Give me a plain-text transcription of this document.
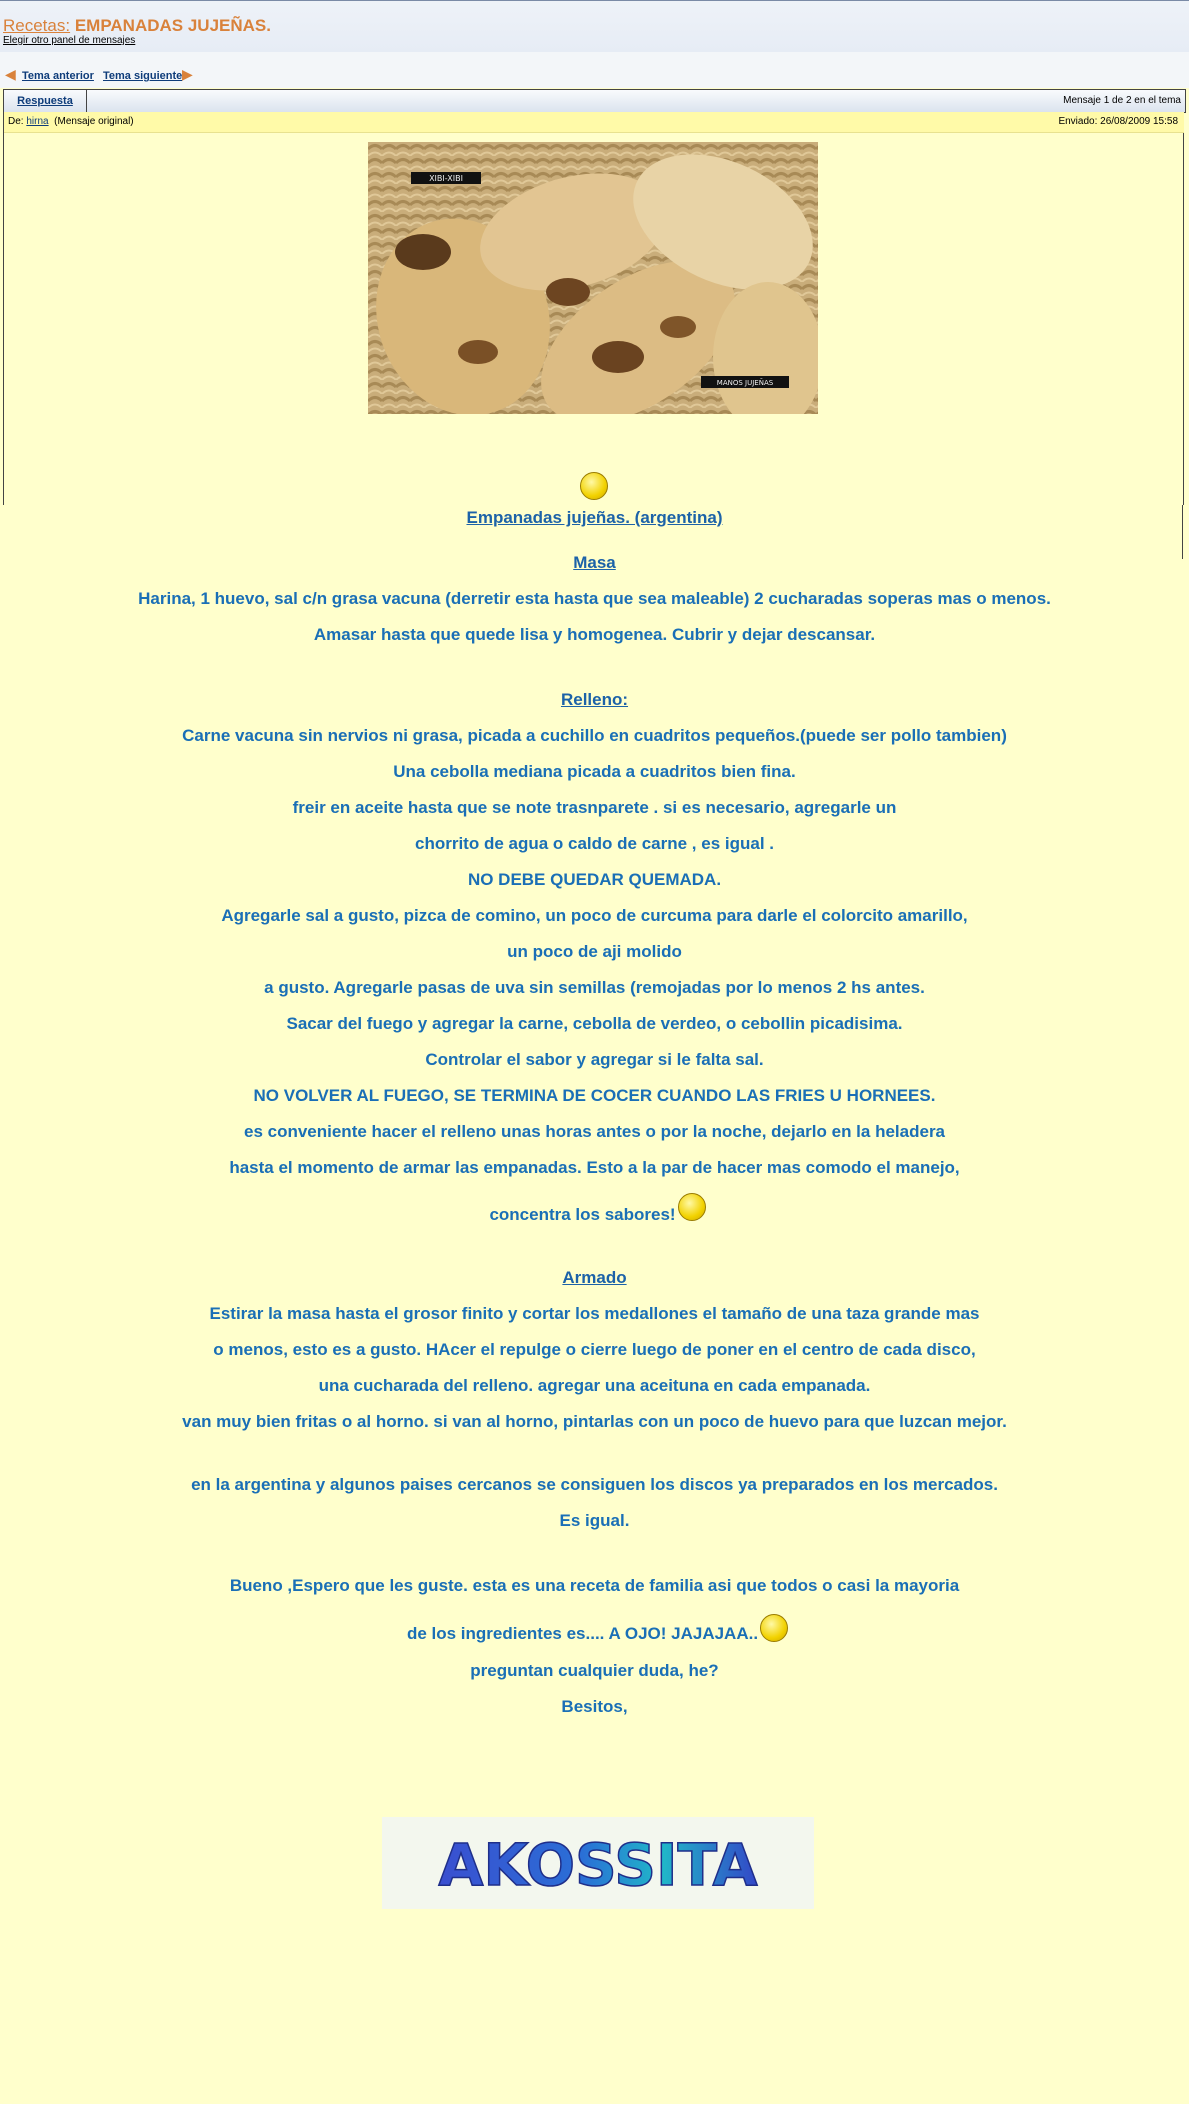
Recetas: EMPANADAS JUJEÑAS.
Elegir otro panel de mensajes
◀ Tema anterior Tema siguiente ▶
Respuesta	Mensaje 1 de 2 en el tema
De: hirna (Mensaje original)	Enviado: 26/08/2009 15:58
XIBI-XIBI
MANOS JUJEÑAS
Empanadas jujeñas. (argentina)
Masa
Harina, 1 huevo, sal c/n grasa vacuna (derretir esta hasta que sea maleable) 2 cucharadas soperas mas o menos.
Amasar hasta que quede lisa y homogenea. Cubrir y dejar descansar.
Relleno:
Carne vacuna sin nervios ni grasa, picada a cuchillo en cuadritos pequeños.(puede ser pollo tambien)
Una cebolla mediana picada a cuadritos bien fina.
freir en aceite hasta que se note trasnparete . si es necesario, agregarle un
chorrito de agua o caldo de carne , es igual .
NO DEBE QUEDAR QUEMADA.
Agregarle sal a gusto, pizca de comino, un poco de curcuma para darle el colorcito amarillo,
un poco de aji molido
a gusto. Agregarle pasas de uva sin semillas (remojadas por lo menos 2 hs antes.
Sacar del fuego y agregar la carne, cebolla de verdeo, o cebollin picadisima.
Controlar el sabor y agregar si le falta sal.
NO VOLVER AL FUEGO, SE TERMINA DE COCER CUANDO LAS FRIES U HORNEES.
es conveniente hacer el relleno unas horas antes o por la noche, dejarlo en la heladera
hasta el momento de armar las empanadas. Esto a la par de hacer mas comodo el manejo,
concentra los sabores!
Armado
Estirar la masa hasta el grosor finito y cortar los medallones el tamaño de una taza grande mas
o menos, esto es a gusto. HAcer el repulge o cierre luego de poner en el centro de cada disco,
una cucharada del relleno. agregar una aceituna en cada empanada.
van muy bien fritas o al horno. si van al horno, pintarlas con un poco de huevo para que luzcan mejor.
en la argentina y algunos paises cercanos se consiguen los discos ya preparados en los mercados.
Es igual.
Bueno ,Espero que les guste. esta es una receta de familia asi que todos o casi la mayoria
de los ingredientes es.... A OJO! JAJAJAA..
preguntan cualquier duda, he?
Besitos,
AKOSSITA
